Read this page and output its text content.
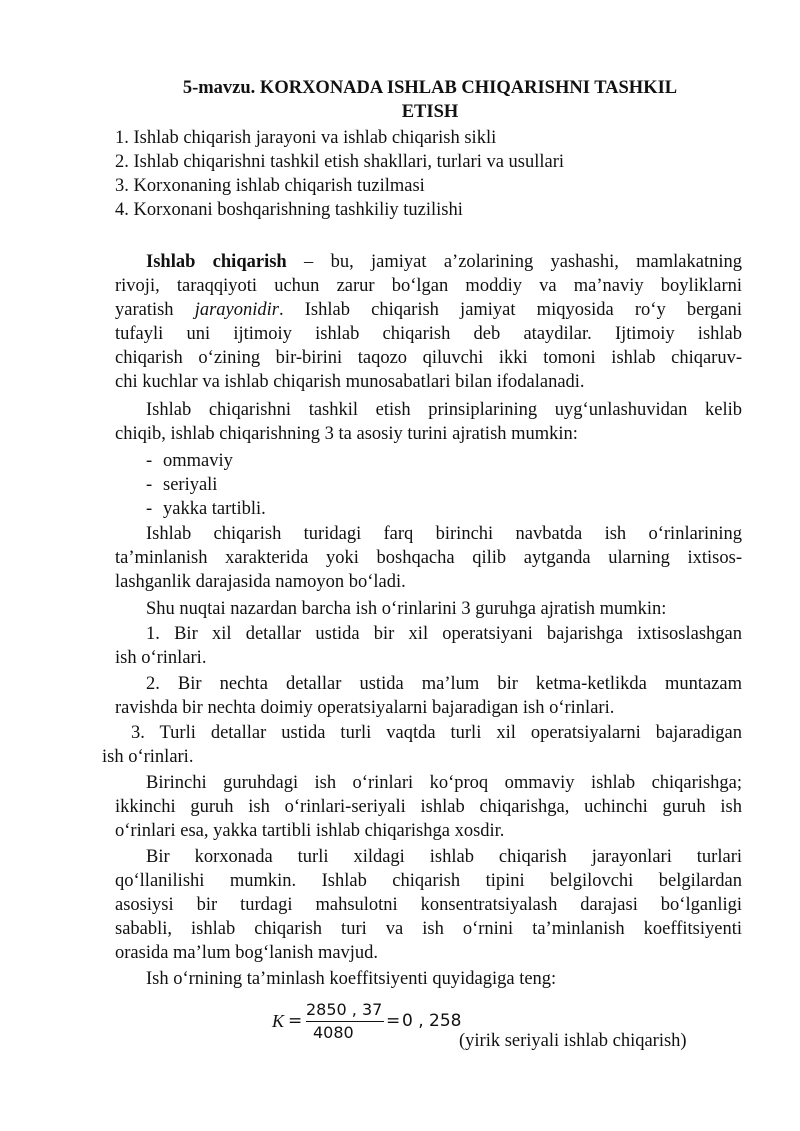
5-mavzu. KORXONADA ISHLAB CHIQARISHNI TASHKIL
ETISH
1. Ishlab chiqarish jarayoni va ishlab chiqarish sikli
2. Ishlab chiqarishni tashkil etish shakllari, turlari va usullari
3. Korxonaning ishlab chiqarish tuzilmasi
4. Korxonani boshqarishning tashkiliy tuzilishi
Ishlab chiqarish – bu, jamiyat a’zolarining yashashi, mamlakatning
rivoji, taraqqiyoti uchun zarur bo‘lgan moddiy va ma’naviy boyliklarni
yaratish jarayonidir. Ishlab chiqarish jamiyat miqyosida ro‘y bergani
tufayli uni ijtimoiy ishlab chiqarish deb ataydilar. Ijtimoiy ishlab
chiqarish o‘zining bir-birini taqozo qiluvchi ikki tomoni ishlab chiqaruv-
chi kuchlar va ishlab chiqarish munosabatlari bilan ifodalanadi.
Ishlab chiqarishni tashkil etish prinsiplarining uyg‘unlashuvidan kelib
chiqib, ishlab chiqarishning 3 ta asosiy turini ajratish mumkin:
- ommaviy
- seriyali
- yakka tartibli.
Ishlab chiqarish turidagi farq birinchi navbatda ish o‘rinlarining
ta’minlanish xarakterida yoki boshqacha qilib aytganda ularning ixtisos-
lashganlik darajasida namoyon bo‘ladi.
Shu nuqtai nazardan barcha ish o‘rinlarini 3 guruhga ajratish mumkin:
1. Bir xil detallar ustida bir xil operatsiyani bajarishga ixtisoslashgan
ish o‘rinlari.
2. Bir nechta detallar ustida ma’lum bir ketma-ketlikda muntazam
ravishda bir nechta doimiy operatsiyalarni bajaradigan ish o‘rinlari.
3. Turli detallar ustida turli vaqtda turli xil operatsiyalarni bajaradigan
ish o‘rinlari.
Birinchi guruhdagi ish o‘rinlari ko‘proq ommaviy ishlab chiqarishga;
ikkinchi guruh ish o‘rinlari-seriyali ishlab chiqarishga, uchinchi guruh ish
o‘rinlari esa, yakka tartibli ishlab chiqarishga xosdir.
Bir korxonada turli xildagi ishlab chiqarish jarayonlari turlari
qo‘llanilishi mumkin. Ishlab chiqarish tipini belgilovchi belgilardan
asosiysi bir turdagi mahsulotni konsentratsiyalash darajasi bo‘lganligi
sababli, ishlab chiqarish turi va ish o‘rnini ta’minlanish koeffitsiyenti
orasida ma’lum bog‘lanish mavjud.
Ish o‘rnining ta’minlash koeffitsiyenti quyidagiga teng:
K =
2850 , 37
4080
= 0 , 258
(yirik seriyali ishlab chiqarish)
